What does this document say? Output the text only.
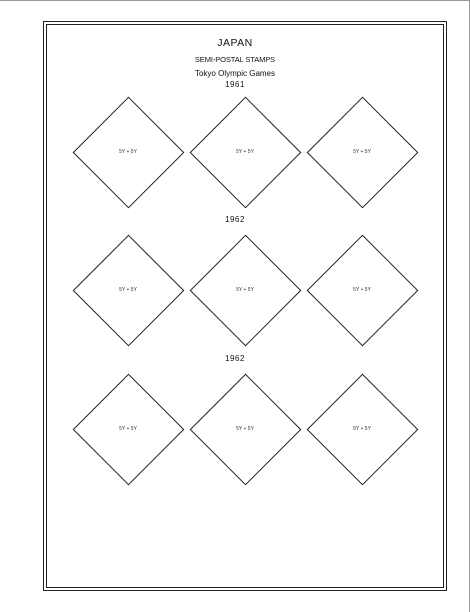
JAPAN
SEMI-POSTAL STAMPS
Tokyo Olympic Games
1961
1962
1962
5Y + 5Y	5Y + 5Y	5Y + 5Y
5Y + 5Y	5Y + 5Y	5Y + 5Y
5Y + 5Y	5Y + 5Y	5Y + 5Y
